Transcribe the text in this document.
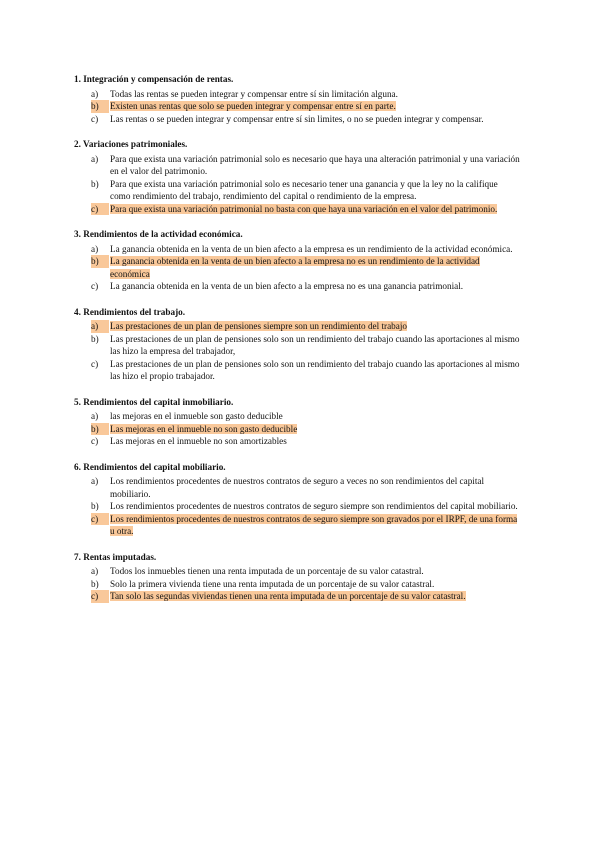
1. Integración y compensación de rentas.
a)	Todas las rentas se pueden integrar y compensar entre sí sin limitación alguna.
b)	Existen unas rentas que solo se pueden integrar y compensar entre sí en parte.
c)	Las rentas o se pueden integrar y compensar entre sí sin limites, o no se pueden integrar y compensar.
2. Variaciones patrimoniales.
a)	Para que exista una variación patrimonial solo es necesario que haya una alteración patrimonial y una variación en el valor del patrimonio.
b)	Para que exista una variación patrimonial solo es necesario tener una ganancia y que la ley no la califique como rendimiento del trabajo, rendimiento del capital o rendimiento de la empresa.
c)	Para que exista una variación patrimonial no basta con que haya una variación en el valor del patrimonio.
3. Rendimientos de la actividad económica.
a)	La ganancia obtenida en la venta de un bien afecto a la empresa es un rendimiento de la actividad económica.
b)	La ganancia obtenida en la venta de un bien afecto a la empresa no es un rendimiento de la actividad económica
c)	La ganancia obtenida en la venta de un bien afecto a la empresa no es una ganancia patrimonial.
4. Rendimientos del trabajo.
a)	Las prestaciones de un plan de pensiones siempre son un rendimiento del trabajo
b)	Las prestaciones de un plan de pensiones solo son un rendimiento del trabajo cuando las aportaciones al mismo las hizo la empresa del trabajador,
c)	Las prestaciones de un plan de pensiones solo son un rendimiento del trabajo cuando las aportaciones al mismo las hizo el propio trabajador.
5. Rendimientos del capital inmobiliario.
a)	las mejoras en el inmueble son gasto deducible
b)	Las mejoras en el inmueble no son gasto deducible
c)	Las mejoras en el inmueble no son amortizables
6. Rendimientos del capital mobiliario.
a)	Los rendimientos procedentes de nuestros contratos de seguro a veces no son rendimientos del capital mobiliario.
b)	Los rendimientos procedentes de nuestros contratos de seguro siempre son rendimientos del capital mobiliario.
c)	Los rendimientos procedentes de nuestros contratos de seguro siempre son gravados por el IRPF, de una forma u otra.
7. Rentas imputadas.
a)	Todos los inmuebles tienen una renta imputada de un porcentaje de su valor catastral.
b)	Solo la primera vivienda tiene una renta imputada de un porcentaje de su valor catastral.
c)	Tan solo las segundas viviendas tienen una renta imputada de un porcentaje de su valor catastral.
